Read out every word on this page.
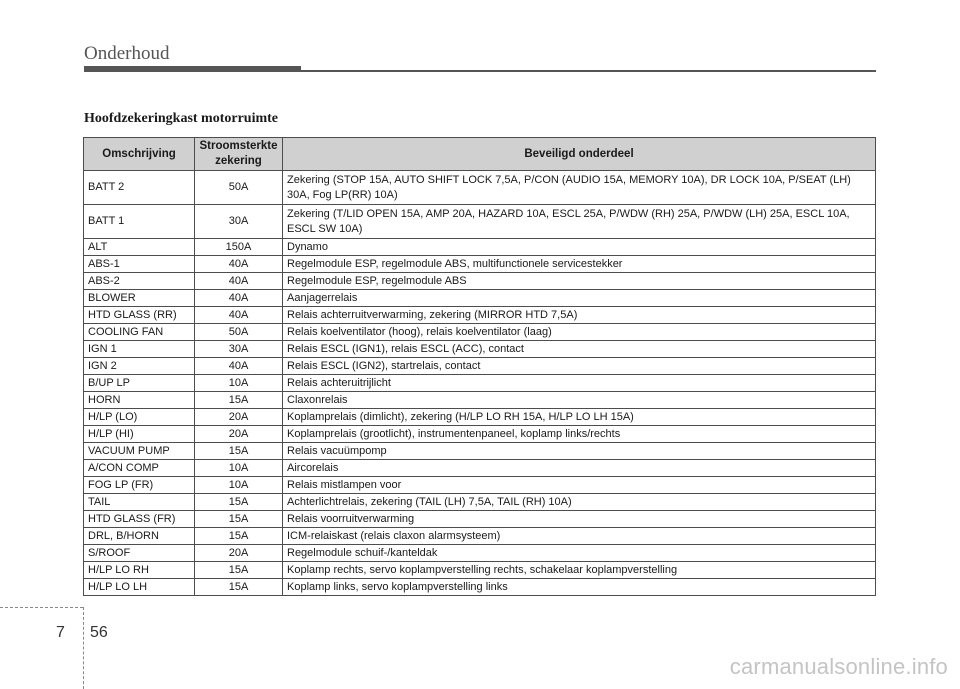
Onderhoud
Hoofdzekeringkast motorruimte
Omschrijving	Stroomsterkte zekering	Beveiligd onderdeel
BATT 2	50A	Zekering (STOP 15A, AUTO SHIFT LOCK 7,5A, P/CON (AUDIO 15A, MEMORY 10A), DR LOCK 10A, P/SEAT (LH) 30A, Fog LP(RR) 10A)
BATT 1	30A	Zekering (T/LID OPEN 15A, AMP 20A, HAZARD 10A, ESCL 25A, P/WDW (RH) 25A, P/WDW (LH) 25A, ESCL 10A, ESCL SW 10A)
ALT	150A	Dynamo
ABS-1	40A	Regelmodule ESP, regelmodule ABS, multifunctionele servicestekker
ABS-2	40A	Regelmodule ESP, regelmodule ABS
BLOWER	40A	Aanjagerrelais
HTD GLASS (RR)	40A	Relais achterruitverwarming, zekering (MIRROR HTD 7,5A)
COOLING FAN	50A	Relais koelventilator (hoog), relais koelventilator (laag)
IGN 1	30A	Relais ESCL (IGN1), relais ESCL (ACC), contact
IGN 2	40A	Relais ESCL (IGN2), startrelais, contact
B/UP LP	10A	Relais achteruitrijlicht
HORN	15A	Claxonrelais
H/LP (LO)	20A	Koplamprelais (dimlicht), zekering (H/LP LO RH 15A, H/LP LO LH 15A)
H/LP (HI)	20A	Koplamprelais (grootlicht), instrumentenpaneel, koplamp links/rechts
VACUUM PUMP	15A	Relais vacuümpomp
A/CON COMP	10A	Aircorelais
FOG LP (FR)	10A	Relais mistlampen voor
TAIL	15A	Achterlichtrelais, zekering (TAIL (LH) 7,5A, TAIL (RH) 10A)
HTD GLASS (FR)	15A	Relais voorruitverwarming
DRL, B/HORN	15A	ICM-relaiskast (relais claxon alarmsysteem)
S/ROOF	20A	Regelmodule schuif-/kanteldak
H/LP LO RH	15A	Koplamp rechts, servo koplampverstelling rechts, schakelaar koplampverstelling
H/LP LO LH	15A	Koplamp links, servo koplampverstelling links
7 56
carmanualsonline.info
